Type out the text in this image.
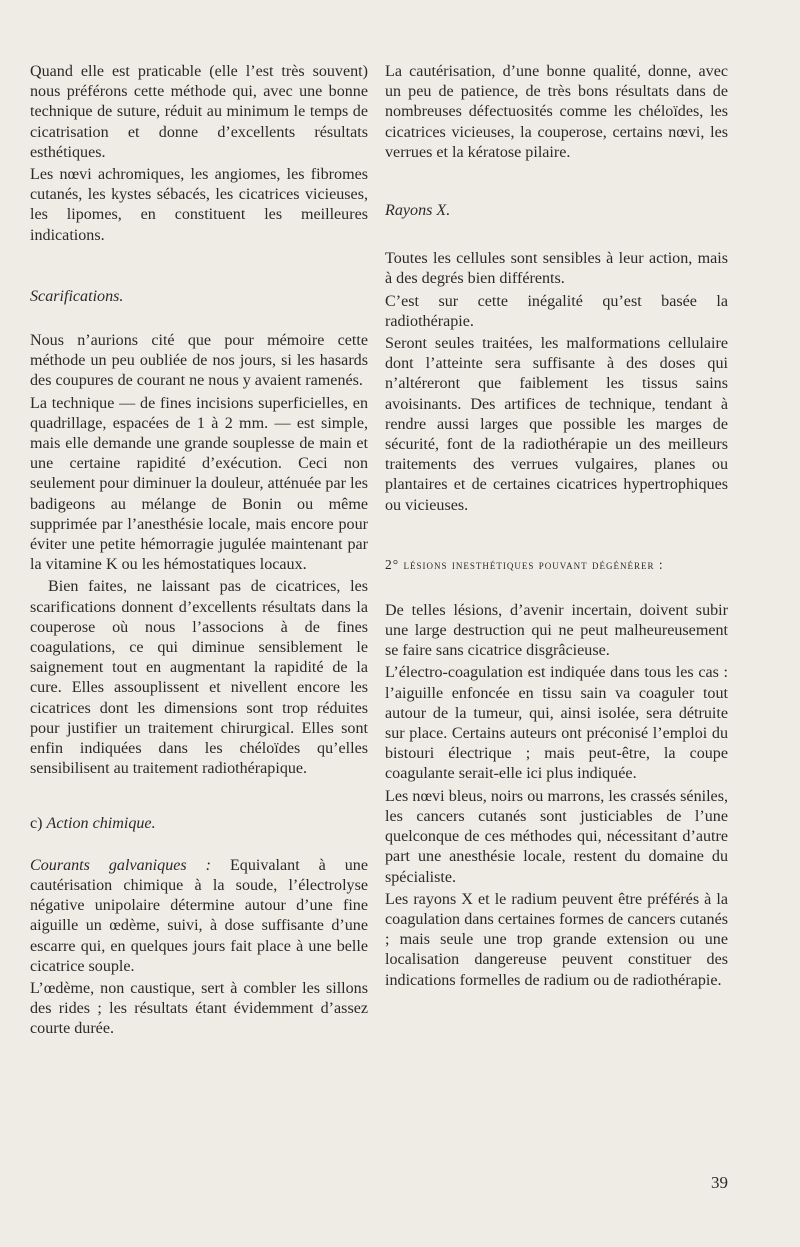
Quand elle est praticable (elle l’est très souvent) nous préférons cette méthode qui, avec une bonne technique de suture, réduit au minimum le temps de cicatrisation et donne d’excellents résultats esthétiques.

Les nœvi achromiques, les angiomes, les fibromes cutanés, les kystes sébacés, les cicatrices vicieuses, les lipomes, en constituent les meilleures indications.

Scarifications.

Nous n’aurions cité que pour mémoire cette méthode un peu oubliée de nos jours, si les hasards des coupures de courant ne nous y avaient ramenés.

La technique — de fines incisions superficielles, en quadrillage, espacées de 1 à 2 mm. — est simple, mais elle demande une grande souplesse de main et une certaine rapidité d’exécution. Ceci non seulement pour diminuer la douleur, atténuée par les badigeons au mélange de Bonin ou même supprimée par l’anesthésie locale, mais encore pour éviter une petite hémorragie jugulée maintenant par la vitamine K ou les hémostatiques locaux.

Bien faites, ne laissant pas de cicatrices, les scarifications donnent d’excellents résultats dans la couperose où nous l’associons à de fines coagulations, ce qui diminue sensiblement le saignement tout en augmentant la rapidité de la cure. Elles assouplissent et nivellent encore les cicatrices dont les dimensions sont trop réduites pour justifier un traitement chirurgical. Elles sont enfin indiquées dans les chéloïdes qu’elles sensibilisent au traitement radiothérapique.

c) Action chimique.

Courants galvaniques : Equivalant à une cautérisation chimique à la soude, l’électrolyse négative unipolaire détermine autour d’une fine aiguille un œdème, suivi, à dose suffisante d’une escarre qui, en quelques jours fait place à une belle cicatrice souple.

L’œdème, non caustique, sert à combler les sillons des rides ; les résultats étant évidemment d’assez courte durée.

La cautérisation, d’une bonne qualité, donne, avec un peu de patience, de très bons résultats dans de nombreuses défectuosités comme les chéloïdes, les cicatrices vicieuses, la couperose, certains nœvi, les verrues et la kératose pilaire.

Rayons X.

Toutes les cellules sont sensibles à leur action, mais à des degrés bien différents.

C’est sur cette inégalité qu’est basée la radiothérapie.

Seront seules traitées, les malformations cellulaire dont l’atteinte sera suffisante à des doses qui n’altéreront que faiblement les tissus sains avoisinants. Des artifices de technique, tendant à rendre aussi larges que possible les marges de sécurité, font de la radiothérapie un des meilleurs traitements des verrues vulgaires, planes ou plantaires et de certaines cicatrices hypertrophiques ou vicieuses.

2° lésions inesthétiques pouvant dégénérer :

De telles lésions, d’avenir incertain, doivent subir une large destruction qui ne peut malheureusement se faire sans cicatrice disgrâcieuse.

L’électro-coagulation est indiquée dans tous les cas : l’aiguille enfoncée en tissu sain va coaguler tout autour de la tumeur, qui, ainsi isolée, sera détruite sur place. Certains auteurs ont préconisé l’emploi du bistouri électrique ; mais peut-être, la coupe coagulante serait-elle ici plus indiquée.

Les nœvi bleus, noirs ou marrons, les crassés séniles, les cancers cutanés sont justiciables de l’une quelconque de ces méthodes qui, nécessitant d’autre part une anesthésie locale, restent du domaine du spécialiste.

Les rayons X et le radium peuvent être préférés à la coagulation dans certaines formes de cancers cutanés ; mais seule une trop grande extension ou une localisation dangereuse peuvent constituer des indications formelles de radium ou de radiothérapie.

39
